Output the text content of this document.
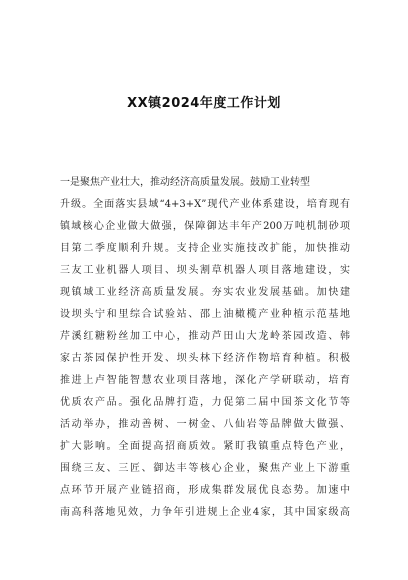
XX镇2024年度工作计划
一是聚焦产业壮大，推动经济高质量发展。鼓励工业转型
升级。全面落实县域“4+3+X”现代产业体系建设，培育现有
镇域核心企业做大做强，保障御达丰年产200万吨机制砂项
目第二季度顺利升规。支持企业实施技改扩能，加快推动
三友工业机器人项目、坝头割草机器人项目落地建设，实
现镇域工业经济高质量发展。夯实农业发展基础。加快建
设坝头宁和里综合试验站、邵上油橄榄产业种植示范基地
芹溪红糖粉丝加工中心，推动芦田山大龙岭茶园改造、韩
家古茶园保护性开发、坝头林下经济作物培育种植。积极
推进上卢智能智慧农业项目落地，深化产学研联动，培育
优质农产品。强化品牌打造，力促第二届中国茶文化节等
活动举办，推动善树、一树金、八仙岩等品牌做大做强、
扩大影响。全面提高招商质效。紧盯我镇重点特色产业，
围绕三友、三匠、御达丰等核心企业，聚焦产业上下游重
点环节开展产业链招商，形成集群发展优良态势。加速中
南高科落地见效，力争年引进规上企业4家，其中国家级高
